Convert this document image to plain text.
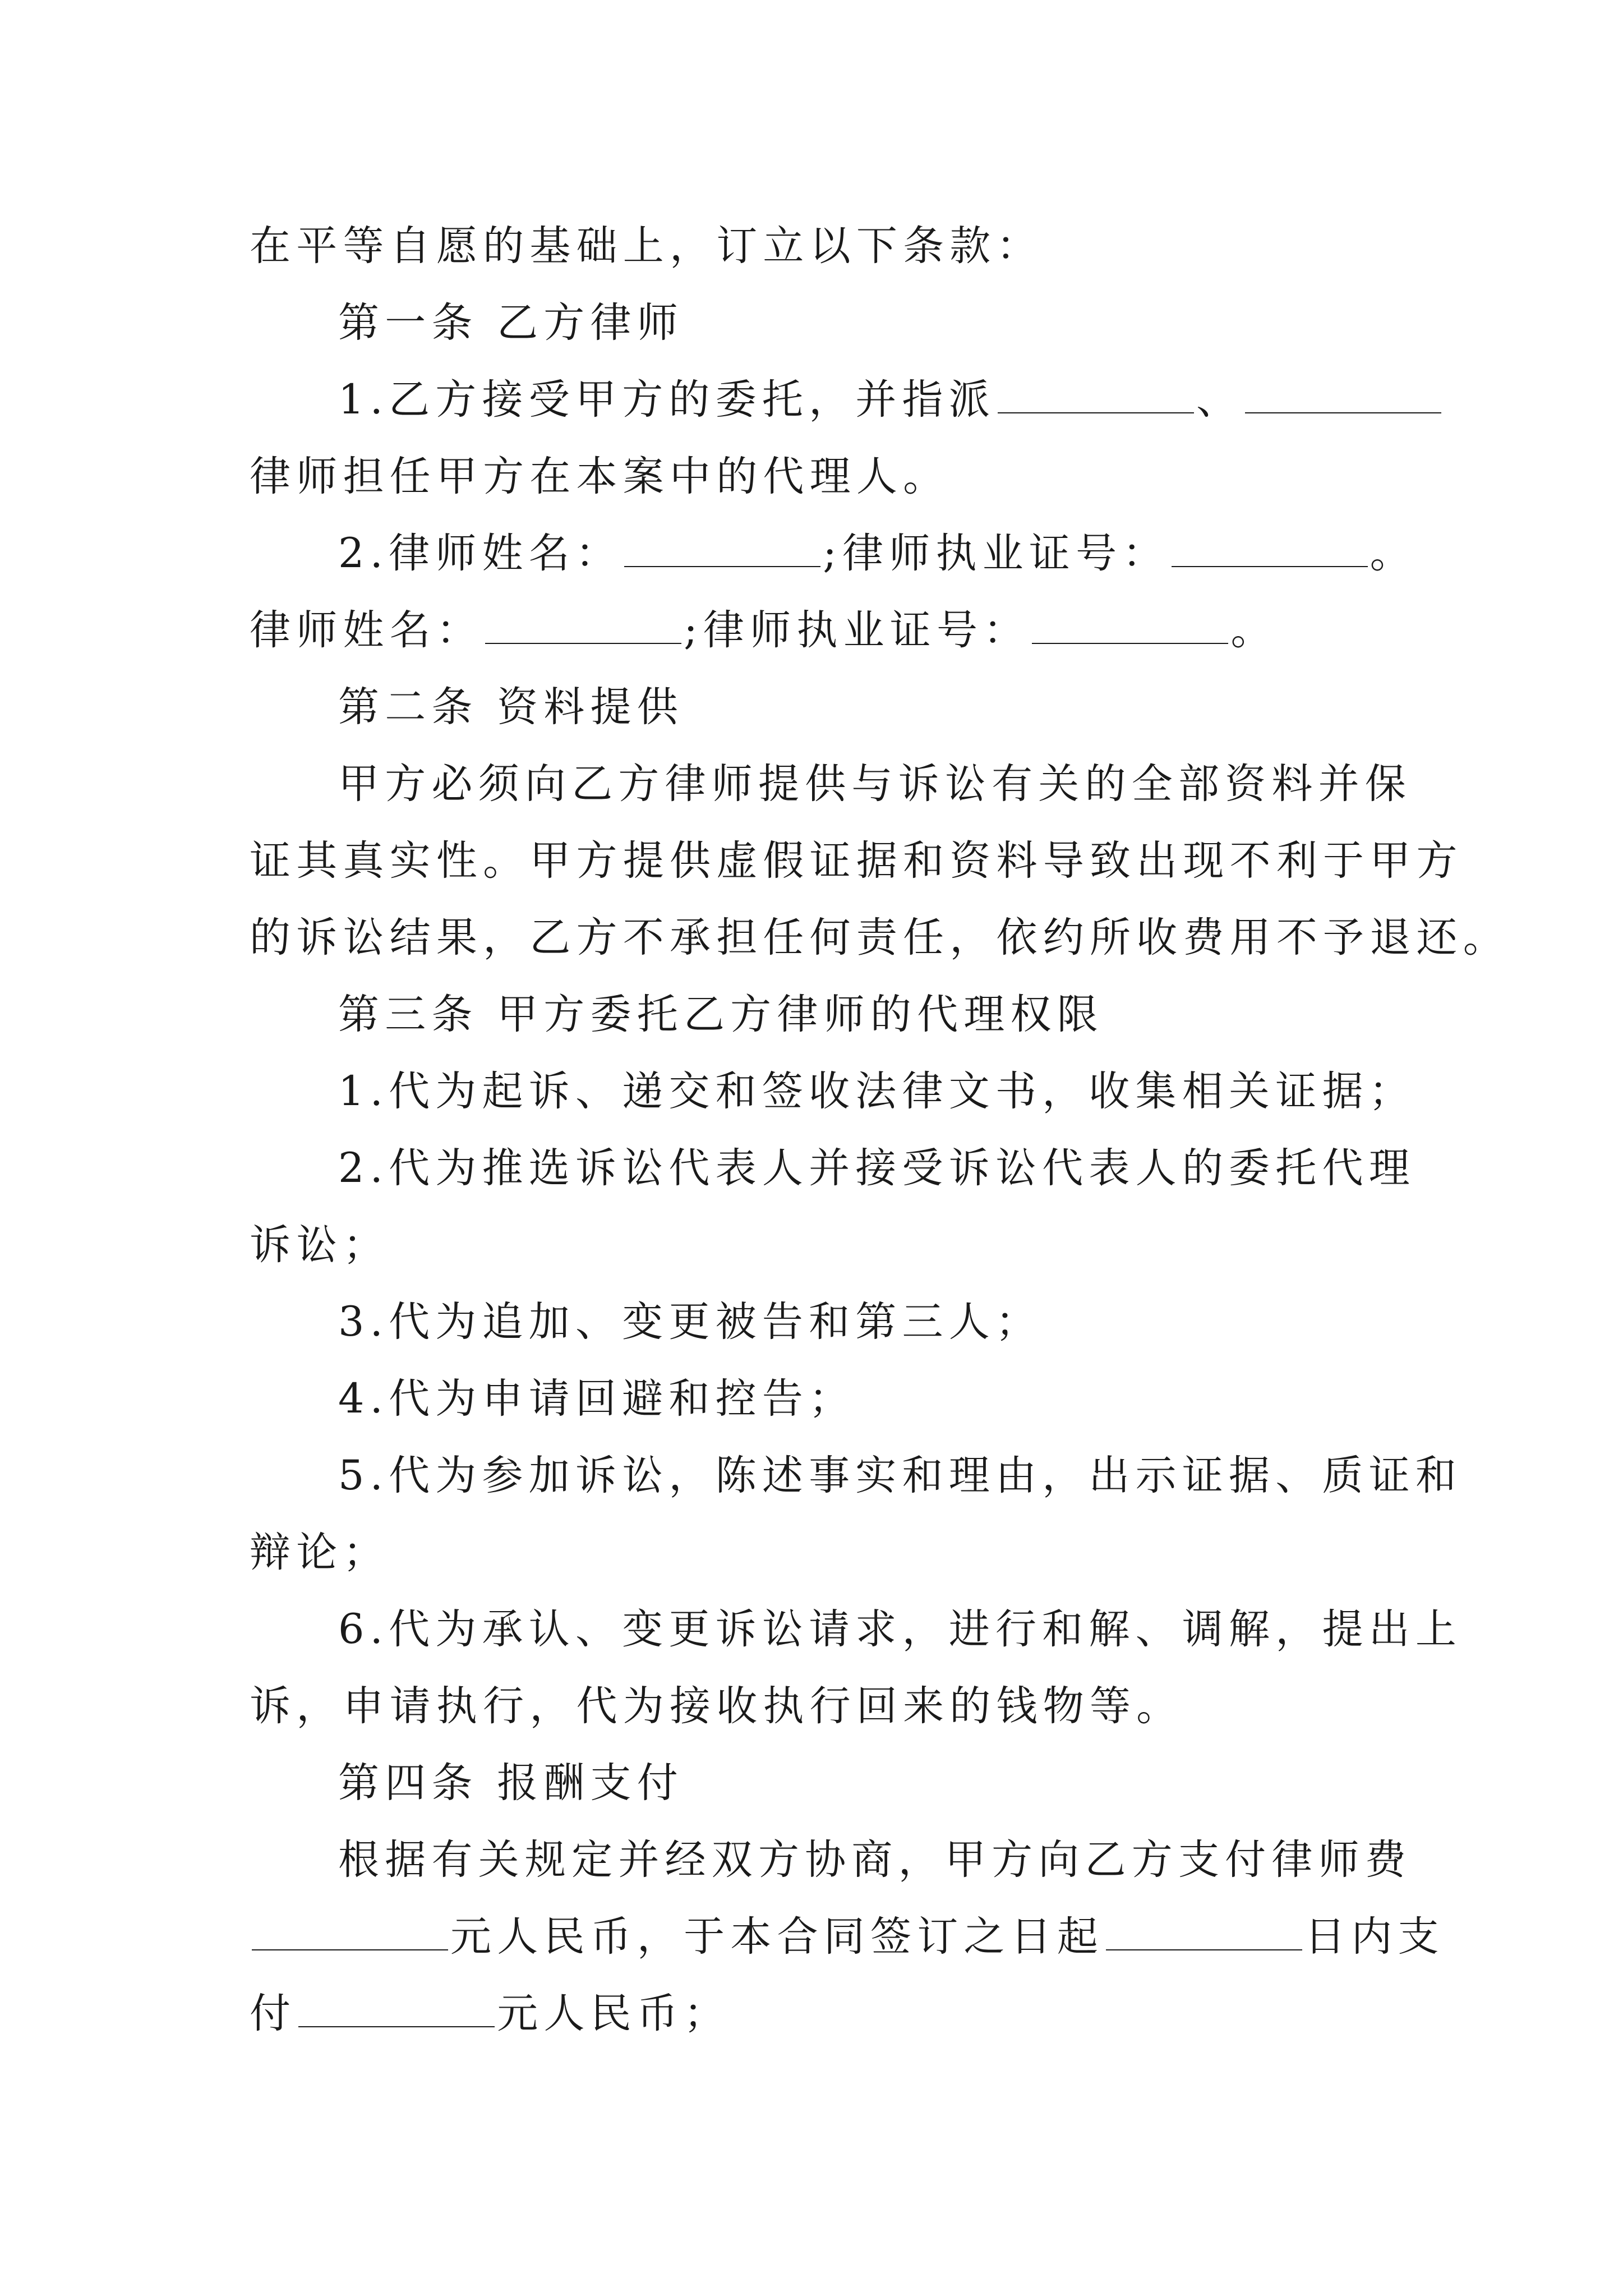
在平等自愿的基础上，订立以下条款：
第一条 乙方律师
1.乙方接受甲方的委托，并指派	、
律师担任甲方在本案中的代理人。
2.律师姓名：	;律师执业证号：	。
律师姓名：	;律师执业证号：	。
第二条 资料提供
甲方必须向乙方律师提供与诉讼有关的全部资料并保
证其真实性。甲方提供虚假证据和资料导致出现不利于甲方
的诉讼结果，乙方不承担任何责任，依约所收费用不予退还。
第三条 甲方委托乙方律师的代理权限
1.代为起诉、递交和签收法律文书，收集相关证据；
2.代为推选诉讼代表人并接受诉讼代表人的委托代理
诉讼；
3.代为追加、变更被告和第三人；
4.代为申请回避和控告；
5.代为参加诉讼，陈述事实和理由，出示证据、质证和
辩论；
6.代为承认、变更诉讼请求，进行和解、调解，提出上
诉，申请执行，代为接收执行回来的钱物等。
第四条 报酬支付
根据有关规定并经双方协商，甲方向乙方支付律师费
元人民币，于本合同签订之日起	日内支
付	元人民币；
